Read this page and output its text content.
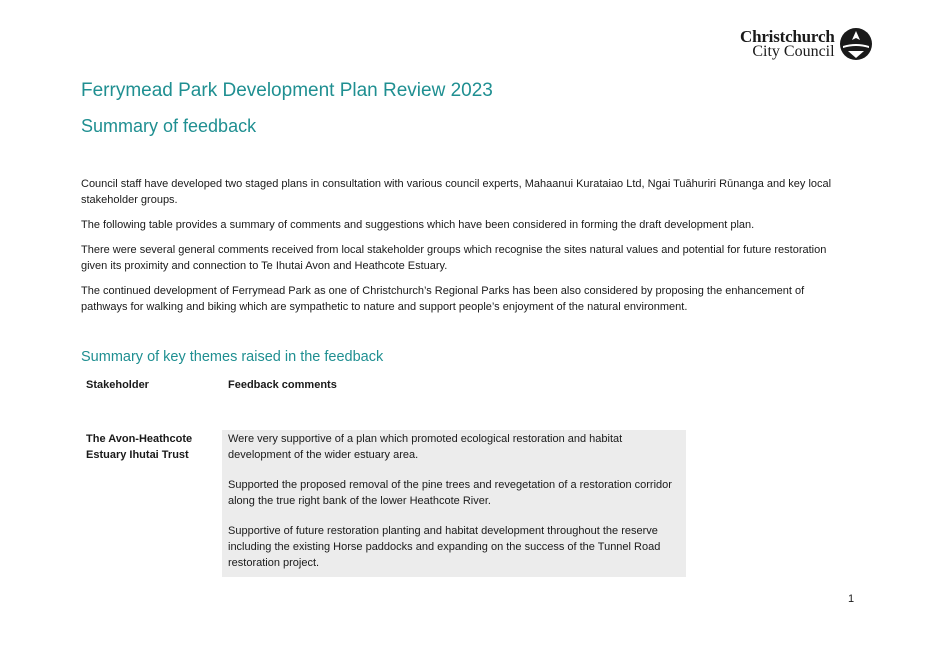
Christchurch
City Council
Ferrymead Park Development Plan Review 2023
Summary of feedback

Council staff have developed two staged plans in consultation with various council experts, Mahaanui Kurataiao Ltd, Ngai Tuāhuriri Rūnanga and key local stakeholder groups.

The following table provides a summary of comments and suggestions which have been considered in forming the draft development plan.

There were several general comments received from local stakeholder groups which recognise the sites natural values and potential for future restoration given its proximity and connection to Te Ihutai Avon and Heathcote Estuary.

The continued development of Ferrymead Park as one of Christchurch’s Regional Parks has been also considered by proposing the enhancement of pathways for walking and biking which are sympathetic to nature and support people’s enjoyment of the natural environment.

Summary of key themes raised in the feedback
Stakeholder	Feedback comments
The Avon-Heathcote Estuary Ihutai Trust

Were very supportive of a plan which promoted ecological restoration and habitat development of the wider estuary area.

Supported the proposed removal of the pine trees and revegetation of a restoration corridor along the true right bank of the lower Heathcote River.

Supportive of future restoration planting and habitat development throughout the reserve including the existing Horse paddocks and expanding on the success of the Tunnel Road restoration project.

1
